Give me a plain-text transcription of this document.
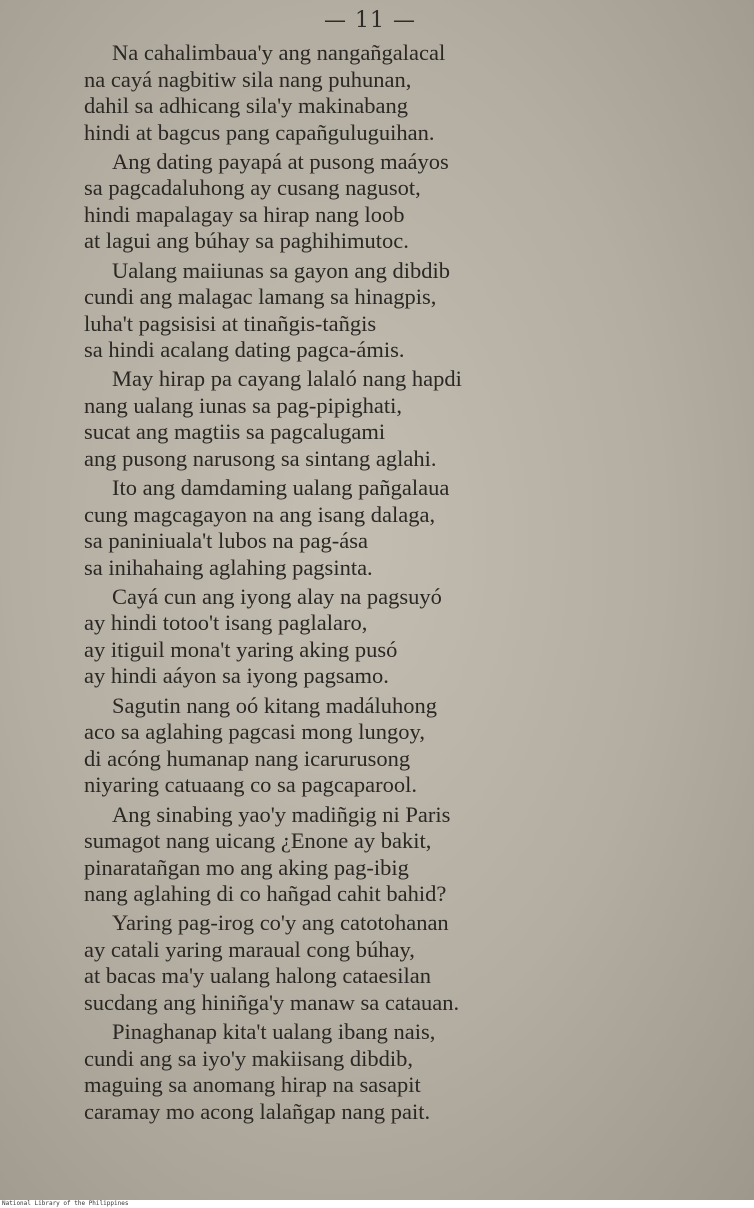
— 11 —
Na cahalimbaua'y ang nangañgalacal
na cayá nagbitiw sila nang puhunan,
dahil sa adhicang sila'y makinabang
hindi at bagcus pang capañguluguihan.
Ang dating payapá at pusong maáyos
sa pagcadaluhong ay cusang nagusot,
hindi mapalagay sa hirap nang loob
at lagui ang búhay sa paghihimutoc.
Ualang maiiunas sa gayon ang dibdib
cundi ang malagac lamang sa hinagpis,
luha't pagsisisi at tinañgis-tañgis
sa hindi acalang dating pagca-ámis.
May hirap pa cayang lalaló nang hapdi
nang ualang iunas sa pag-pipighati,
sucat ang magtiis sa pagcalugami
ang pusong narusong sa sintang aglahi.
Ito ang damdaming ualang pañgalaua
cung magcagayon na ang isang dalaga,
sa paniniuala't lubos na pag-ása
sa inihahaing aglahing pagsinta.
Cayá cun ang iyong alay na pagsuyó
ay hindi totoo't isang paglalaro,
ay itiguil mona't yaring aking pusó
ay hindi aáyon sa iyong pagsamo.
Sagutin nang oó kitang madáluhong
aco sa aglahing pagcasi mong lungoy,
di acóng humanap nang icarurusong
niyaring catuaang co sa pagcaparool.
Ang sinabing yao'y madiñgig ni Paris
sumagot nang uicang ¿Enone ay bakit,
pinaratañgan mo ang aking pag-ibig
nang aglahing di co hañgad cahit bahid?
Yaring pag-irog co'y ang catotohanan
ay catali yaring maraual cong búhay,
at bacas ma'y ualang halong cataesilan
sucdang ang hiniñga'y manaw sa catauan.
Pinaghanap kita't ualang ibang nais,
cundi ang sa iyo'y makiisang dibdib,
maguing sa anomang hirap na sasapit
caramay mo acong lalañgap nang pait.
National Library of the Philippines
